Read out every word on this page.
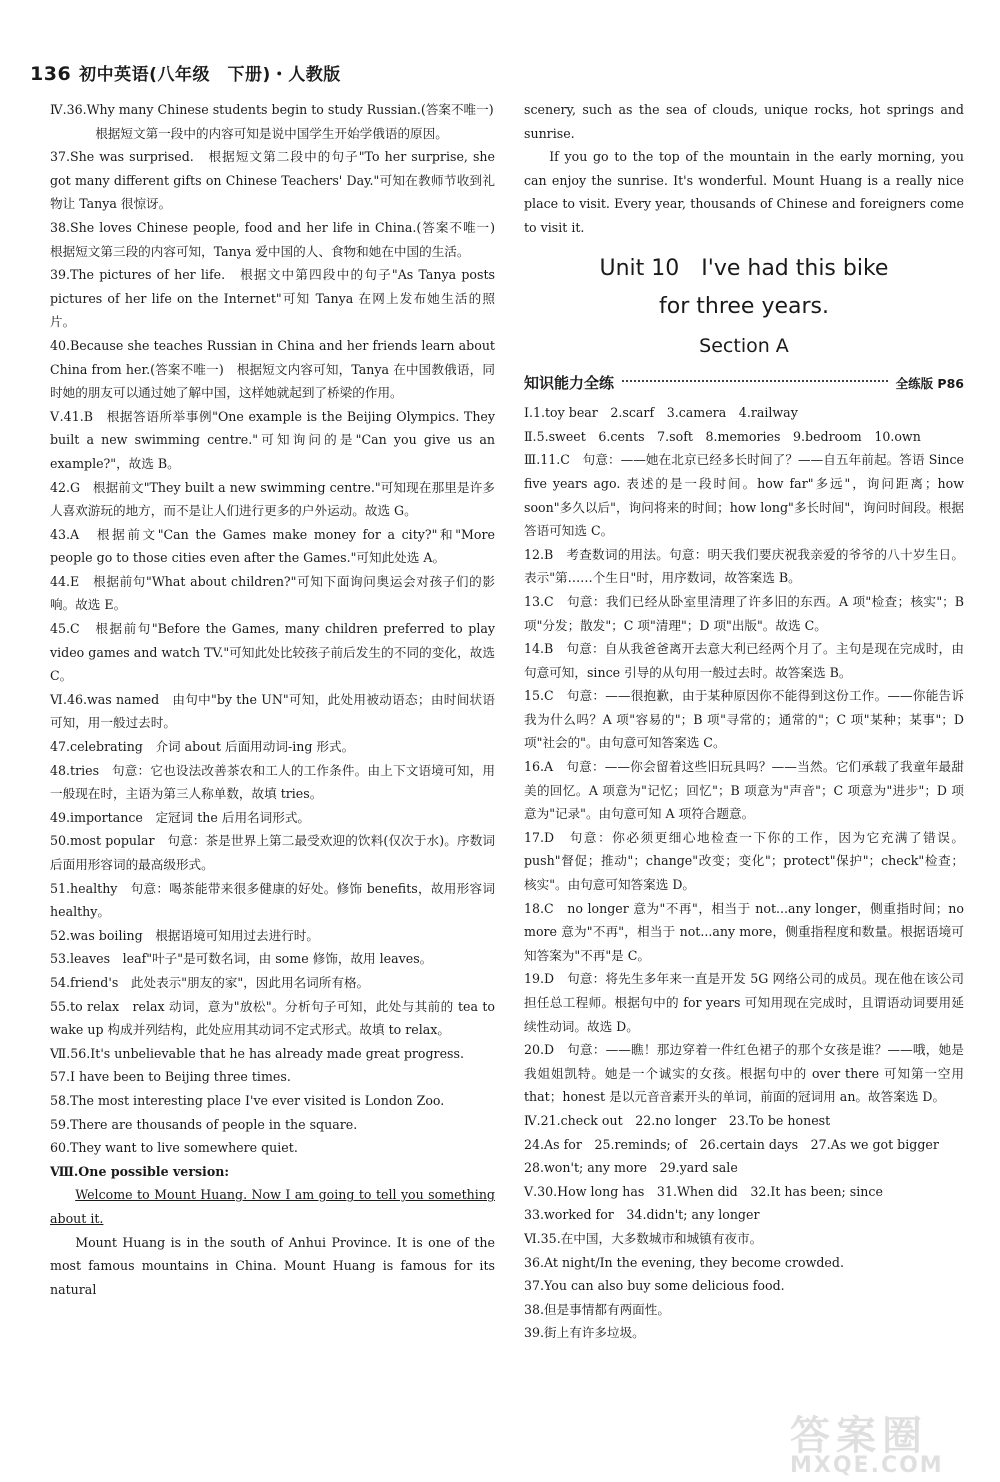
136 初中英语(八年级　下册)・人教版
Ⅳ.36.Why many Chinese students begin to study Russian.(答案不唯一)
根据短文第一段中的内容可知是说中国学生开始学俄语的原因。
37.She was surprised.　根据短文第二段中的句子"To her surprise, she got many different gifts on Chinese Teachers' Day."可知在教师节收到礼物让 Tanya 很惊讶。
38.She loves Chinese people, food and her life in China.(答案不唯一)　根据短文第三段的内容可知，Tanya 爱中国的人、食物和她在中国的生活。
39.The pictures of her life.　根据文中第四段中的句子"As Tanya posts pictures of her life on the Internet"可知 Tanya 在网上发布她生活的照片。
40.Because she teaches Russian in China and her friends learn about China from her.(答案不唯一)　根据短文内容可知，Tanya 在中国教俄语，同时她的朋友可以通过她了解中国，这样她就起到了桥梁的作用。
Ⅴ.41.B　根据答语所举事例"One example is the Beijing Olympics. They built a new swimming centre."可知询问的是"Can you give us an example?"，故选 B。
42.G　根据前文"They built a new swimming centre."可知现在那里是许多人喜欢游玩的地方，而不是让人们进行更多的户外运动。故选 G。
43.A　根据前文"Can the Games make money for a city?"和"More people go to those cities even after the Games."可知此处选 A。
44.E　根据前句"What about children?"可知下面询问奥运会对孩子们的影响。故选 E。
45.C　根据前句"Before the Games, many children preferred to play video games and watch TV."可知此处比较孩子前后发生的不同的变化，故选 C。
Ⅵ.46.was named　由句中"by the UN"可知，此处用被动语态；由时间状语可知，用一般过去时。
47.celebrating　介词 about 后面用动词-ing 形式。
48.tries　句意：它也设法改善茶农和工人的工作条件。由上下文语境可知，用一般现在时，主语为第三人称单数，故填 tries。
49.importance　定冠词 the 后用名词形式。
50.most popular　句意：茶是世界上第二最受欢迎的饮料(仅次于水)。序数词后面用形容词的最高级形式。
51.healthy　句意：喝茶能带来很多健康的好处。修饰 benefits，故用形容词 healthy。
52.was boiling　根据语境可知用过去进行时。
53.leaves　leaf"叶子"是可数名词，由 some 修饰，故用 leaves。
54.friend's　此处表示"朋友的家"，因此用名词所有格。
55.to relax　relax 动词，意为"放松"。分析句子可知，此处与其前的 tea to wake up 构成并列结构，此处应用其动词不定式形式。故填 to relax。
Ⅶ.56.It's unbelievable that he has already made great progress.
57.I have been to Beijing three times.
58.The most interesting place I've ever visited is London Zoo.
59.There are thousands of people in the square.
60.They want to live somewhere quiet.
Ⅷ.One possible version:
Welcome to Mount Huang. Now I am going to tell you something about it.
Mount Huang is in the south of Anhui Province. It is one of the most famous mountains in China. Mount Huang is famous for its natural
scenery, such as the sea of clouds, unique rocks, hot springs and sunrise.
If you go to the top of the mountain in the early morning, you can enjoy the sunrise. It's wonderful. Mount Huang is a really nice place to visit. Every year, thousands of Chinese and foreigners come to visit it.
Unit 10　I've had this bike
for three years.
Section A
知识能力全练	全练版 P86
Ⅰ.1.toy bear　2.scarf　3.camera　4.railway
Ⅱ.5.sweet　6.cents　7.soft　8.memories　9.bedroom　10.own
Ⅲ.11.C　句意：——她在北京已经多长时间了？——自五年前起。答语 Since five years ago. 表述的是一段时间。how far"多远"，询问距离；how soon"多久以后"，询问将来的时间；how long"多长时间"，询问时间段。根据答语可知选 C。
12.B　考查数词的用法。句意：明天我们要庆祝我亲爱的爷爷的八十岁生日。表示"第……个生日"时，用序数词，故答案选 B。
13.C　句意：我们已经从卧室里清理了许多旧的东西。A 项"检查；核实"；B 项"分发；散发"；C 项"清理"；D 项"出版"。故选 C。
14.B　句意：自从我爸爸离开去意大利已经两个月了。主句是现在完成时，由句意可知，since 引导的从句用一般过去时。故答案选 B。
15.C　句意：——很抱歉，由于某种原因你不能得到这份工作。——你能告诉我为什么吗？A 项"容易的"；B 项"寻常的；通常的"；C 项"某种；某事"；D 项"社会的"。由句意可知答案选 C。
16.A　句意：——你会留着这些旧玩具吗？——当然。它们承载了我童年最甜美的回忆。A 项意为"记忆；回忆"；B 项意为"声音"；C 项意为"进步"；D 项意为"记录"。由句意可知 A 项符合题意。
17.D　句意：你必须更细心地检查一下你的工作，因为它充满了错误。push"督促；推动"；change"改变；变化"；protect"保护"；check"检查；核实"。由句意可知答案选 D。
18.C　no longer 意为"不再"，相当于 not...any longer，侧重指时间；no more 意为"不再"，相当于 not...any more，侧重指程度和数量。根据语境可知答案为"不再"是 C。
19.D　句意：将先生多年来一直是开发 5G 网络公司的成员。现在他在该公司担任总工程师。根据句中的 for years 可知用现在完成时，且谓语动词要用延续性动词。故选 D。
20.D　句意：——瞧！那边穿着一件红色裙子的那个女孩是谁？——哦，她是我姐姐凯特。她是一个诚实的女孩。根据句中的 over there 可知第一空用 that；honest 是以元音音素开头的单词，前面的冠词用 an。故答案选 D。
Ⅳ.21.check out　22.no longer　23.To be honest
24.As for　25.reminds; of　26.certain days　27.As we got bigger
28.won't; any more　29.yard sale
Ⅴ.30.How long has　31.When did　32.It has been; since
33.worked for　34.didn't; any longer
Ⅵ.35.在中国，大多数城市和城镇有夜市。
36.At night/In the evening, they become crowded.
37.You can also buy some delicious food.
38.但是事情都有两面性。
39.街上有许多垃圾。
答案圈
MXQE.COM
